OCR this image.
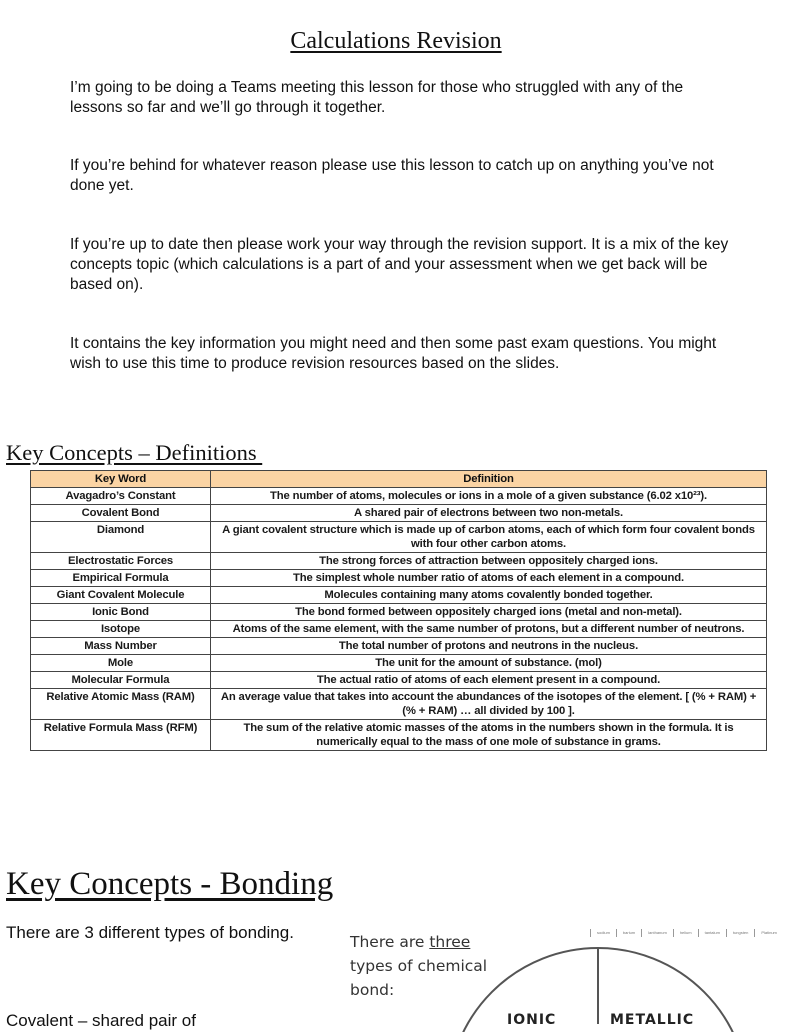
Calculations Revision
I’m going to be doing a Teams meeting this lesson for those who struggled with any of the lessons so far and we’ll go through it together.
If you’re behind for whatever reason please use this lesson to catch up on anything you’ve not done yet.
If you’re up to date then please work your way through the revision support. It is a mix of the key concepts topic (which calculations is a part of and your assessment when we get back will be based on).
It contains the key information you might need and then some past exam questions. You might wish to use this time to produce revision resources based on the slides.
Key Concepts – Definitions
Key Word	Definition
Avagadro’s Constant	The number of atoms, molecules or ions in a mole of a given substance (6.02 x10²³).
Covalent Bond	A shared pair of electrons between two non-metals.
Diamond	A giant covalent structure which is made up of carbon atoms, each of which form four covalent bonds with four other carbon atoms.
Electrostatic Forces	The strong forces of attraction between oppositely charged ions.
Empirical Formula	The simplest whole number ratio of atoms of each element in a compound.
Giant Covalent Molecule	Molecules containing many atoms covalently bonded together.
Ionic Bond	The bond formed between oppositely charged ions (metal and non-metal).
Isotope	Atoms of the same element, with the same number of protons, but a different number of neutrons.
Mass Number	The total number of protons and neutrons in the nucleus.
Mole	The unit for the amount of substance. (mol)
Molecular Formula	The actual ratio of atoms of each element present in a compound.
Relative Atomic Mass (RAM)	An average value that takes into account the abundances of the isotopes of the element. [ (% + RAM) + (% + RAM) … all divided by 100 ].
Relative Formula Mass (RFM)	The sum of the relative atomic masses of the atoms in the numbers shown in the formula. It is numerically equal to the mass of one mole of substance in grams.
Key Concepts - Bonding
There are 3 different types of bonding.
Covalent – shared pair of
There are three
types of chemical
bond:
sodium	barium	lanthanum	helium	tantalum	tungsten	Platinum
IONIC	METALLIC
